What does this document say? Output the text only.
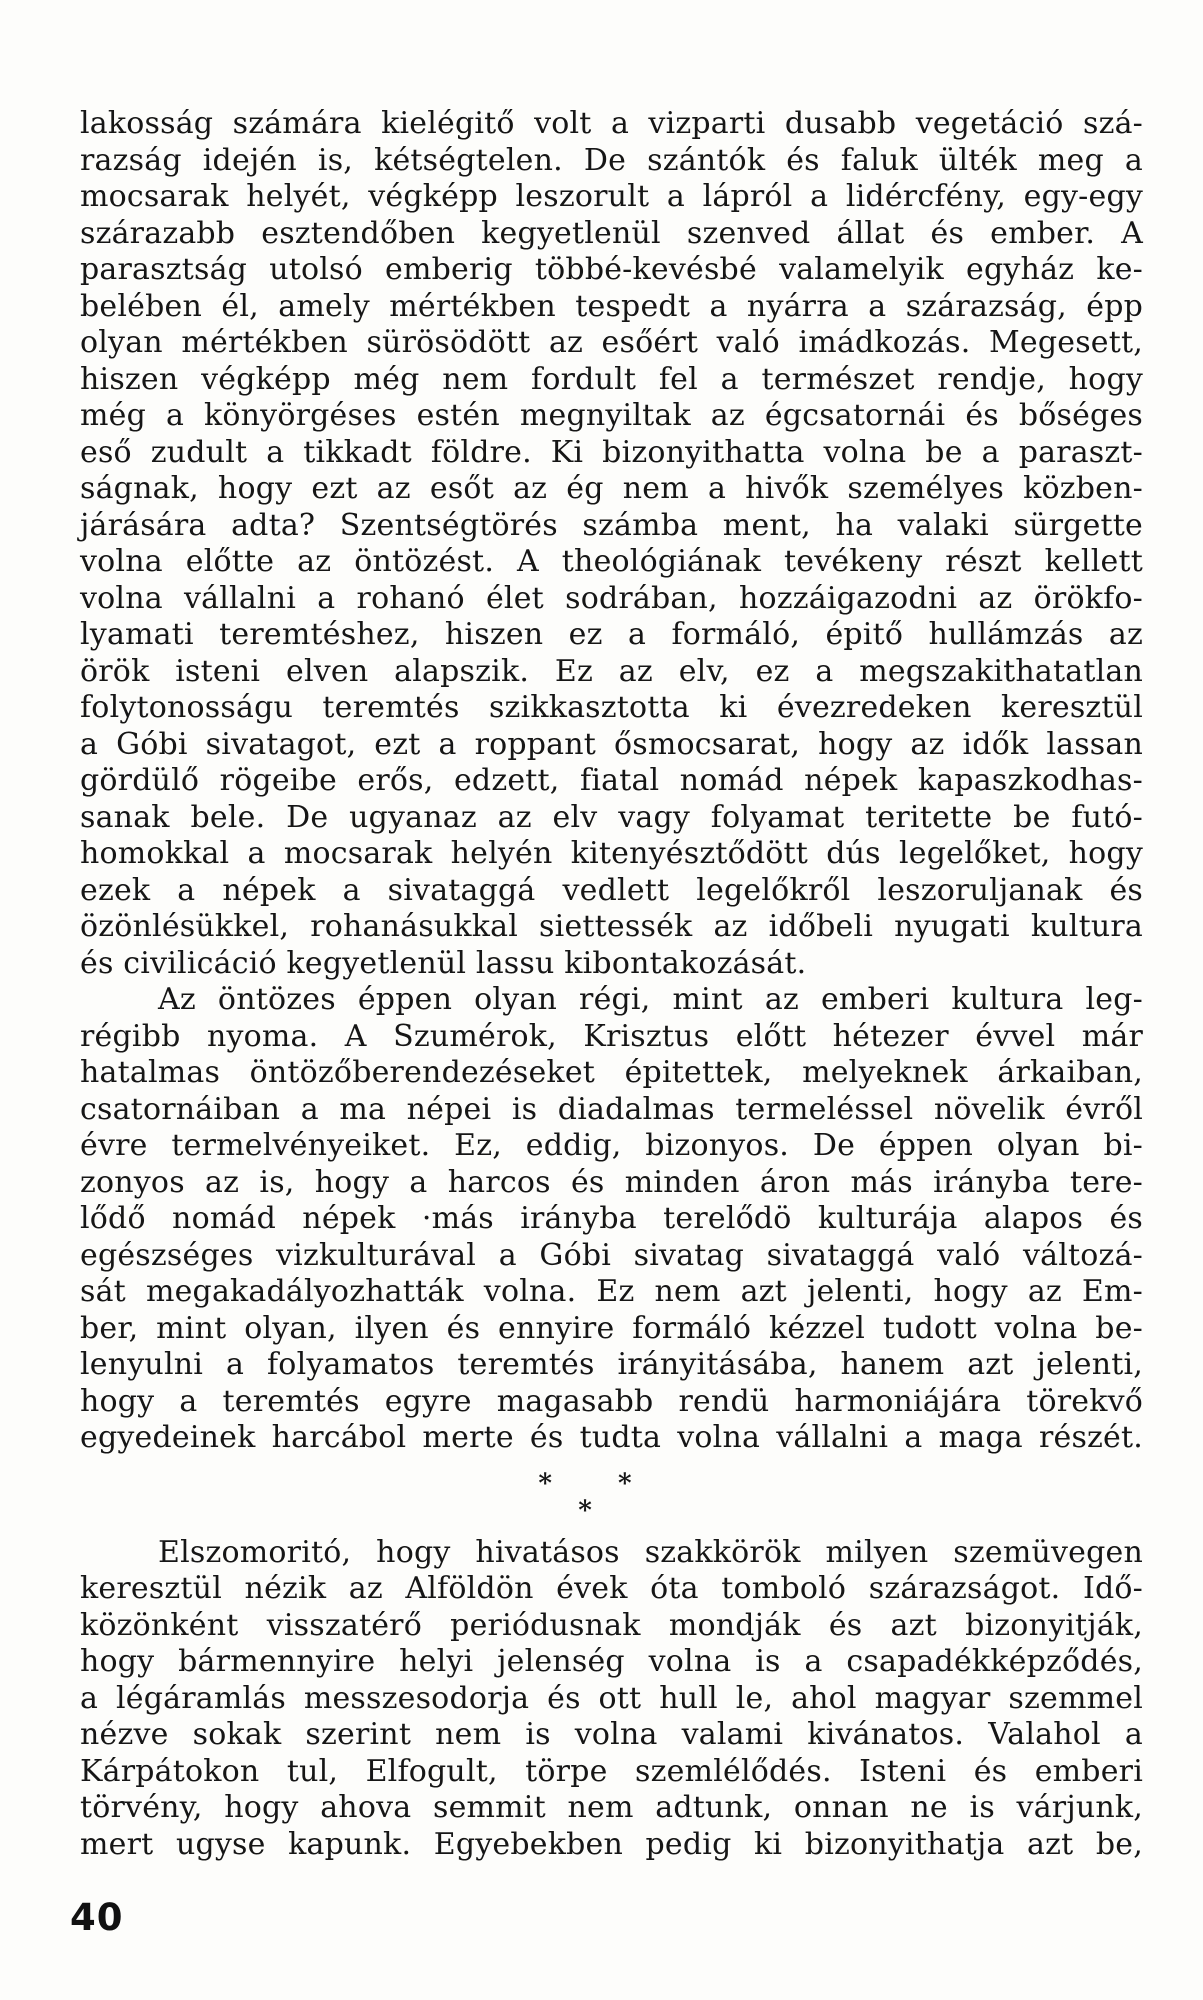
lakosság számára kielégitő volt a vizparti dusabb vegetáció szá-
razság idején is, kétségtelen. De szántók és faluk ülték meg a
mocsarak helyét, végképp leszorult a lápról a lidércfény, egy-egy
szárazabb esztendőben kegyetlenül szenved állat és ember. A
parasztság utolsó emberig többé-kevésbé valamelyik egyház ke-
belében él, amely mértékben tespedt a nyárra a szárazság, épp
olyan mértékben sürösödött az esőért való imádkozás. Megesett,
hiszen végképp még nem fordult fel a természet rendje, hogy
még a könyörgéses estén megnyiltak az égcsatornái és bőséges
eső zudult a tikkadt földre. Ki bizonyithatta volna be a paraszt-
ságnak, hogy ezt az esőt az ég nem a hivők személyes közben-
járására adta? Szentségtörés számba ment, ha valaki sürgette
volna előtte az öntözést. A theológiának tevékeny részt kellett
volna vállalni a rohanó élet sodrában, hozzáigazodni az örökfo-
lyamati teremtéshez, hiszen ez a formáló, épitő hullámzás az
örök isteni elven alapszik. Ez az elv, ez a megszakithatatlan
folytonosságu teremtés szikkasztotta ki évezredeken keresztül
a Góbi sivatagot, ezt a roppant ősmocsarat, hogy az idők lassan
gördülő rögeibe erős, edzett, fiatal nomád népek kapaszkodhas-
sanak bele. De ugyanaz az elv vagy folyamat teritette be futó-
homokkal a mocsarak helyén kitenyésztődött dús legelőket, hogy
ezek a népek a sivataggá vedlett legelőkről leszoruljanak és
özönlésükkel, rohanásukkal siettessék az időbeli nyugati kultura
és civilicáció kegyetlenül lassu kibontakozását.
Az öntözes éppen olyan régi, mint az emberi kultura leg-
régibb nyoma. A Szumérok, Krisztus előtt hétezer évvel már
hatalmas öntözőberendezéseket épitettek, melyeknek árkaiban,
csatornáiban a ma népei is diadalmas termeléssel növelik évről
évre termelvényeiket. Ez, eddig, bizonyos. De éppen olyan bi-
zonyos az is, hogy a harcos és minden áron más irányba tere-
lődő nomád népek ·más irányba terelődö kulturája alapos és
egészséges vizkulturával a Góbi sivatag sivataggá való változá-
sát megakadályozhatták volna. Ez nem azt jelenti, hogy az Em-
ber, mint olyan, ilyen és ennyire formáló kézzel tudott volna be-
lenyulni a folyamatos teremtés irányitásába, hanem azt jelenti,
hogy a teremtés egyre magasabb rendü harmoniájára törekvő
egyedeinek harcábol merte és tudta volna vállalni a maga részét.
*	*
*
Elszomoritó, hogy hivatásos szakkörök milyen szemüvegen
keresztül nézik az Alföldön évek óta tomboló szárazságot. Idő-
közönként visszatérő periódusnak mondják és azt bizonyitják,
hogy bármennyire helyi jelenség volna is a csapadékképződés,
a légáramlás messzesodorja és ott hull le, ahol magyar szemmel
nézve sokak szerint nem is volna valami kivánatos. Valahol a
Kárpátokon tul, Elfogult, törpe szemlélődés. Isteni és emberi
törvény, hogy ahova semmit nem adtunk, onnan ne is várjunk,
mert ugyse kapunk. Egyebekben pedig ki bizonyithatja azt be,
40
